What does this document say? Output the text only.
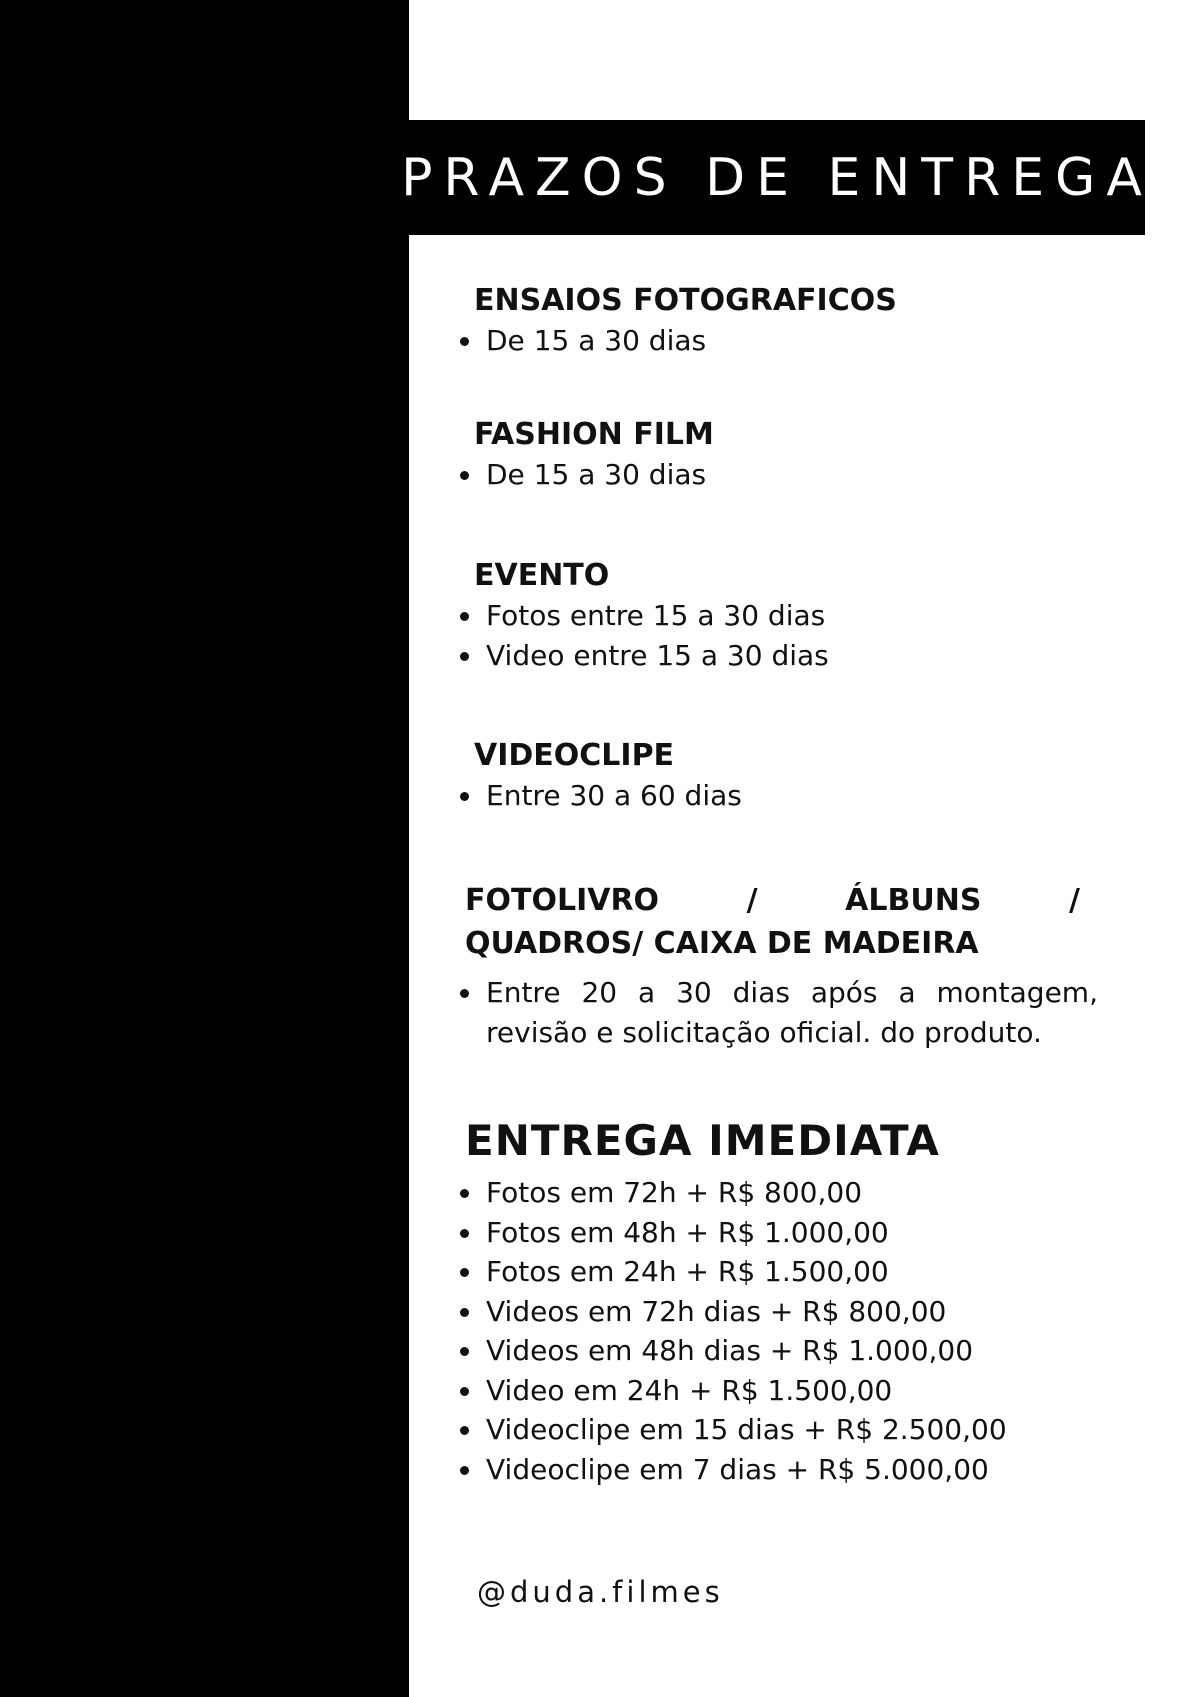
PRAZOS DE ENTREGA
ENSAIOS FOTOGRAFICOS
De 15 a 30 dias
FASHION FILM
De 15 a 30 dias
EVENTO
Fotos entre 15 a 30 dias
Video entre 15 a 30 dias
VIDEOCLIPE
Entre 30 a 60 dias
FOTOLIVRO	/	ÁLBUNS	/
QUADROS/ CAIXA DE MADEIRA
Entre 20 a 30 dias após a montagem, revisão e solicitação oficial. do produto.
ENTREGA IMEDIATA
Fotos em 72h + R$ 800,00
Fotos em 48h + R$ 1.000,00
Fotos em 24h + R$ 1.500,00
Videos em 72h dias + R$ 800,00
Videos em 48h dias + R$ 1.000,00
Video em 24h + R$ 1.500,00
Videoclipe em 15 dias + R$ 2.500,00
Videoclipe em 7 dias + R$ 5.000,00
@duda.filmes
